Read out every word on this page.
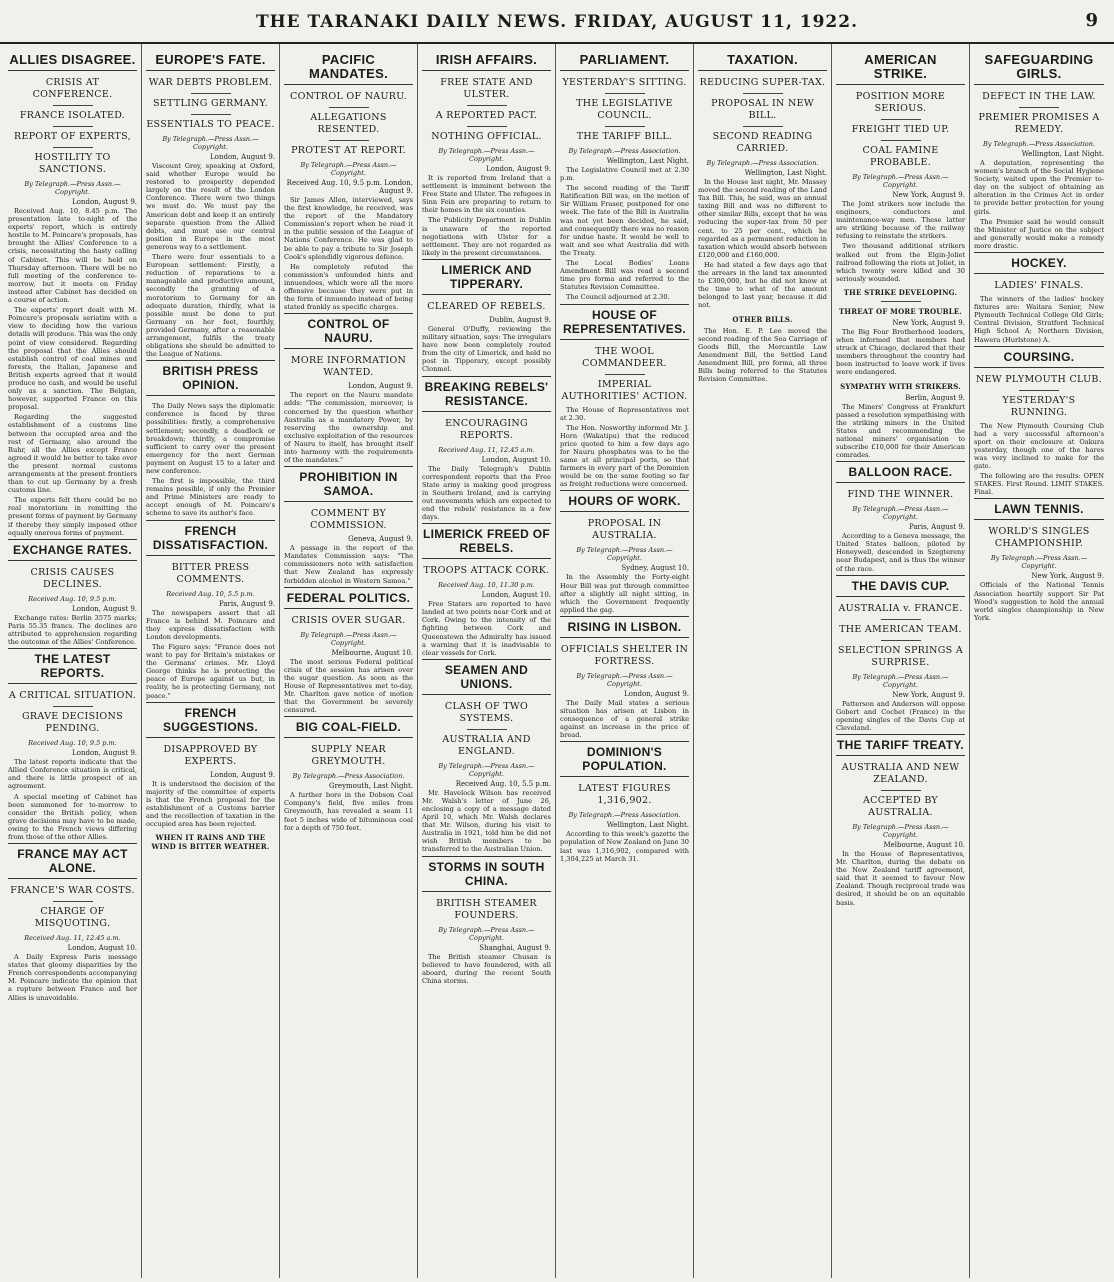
THE TARANAKI DAILY NEWS. FRIDAY, AUGUST 11, 1922.	9
ALLIES DISAGREE.
CRISIS AT CONFERENCE.
FRANCE ISOLATED.
REPORT OF EXPERTS,
HOSTILITY TO SANCTIONS.
By Telegraph.—Press Assn.—Copyright.
London, August 9.

Received Aug. 10, 8.45 p.m. The presentation late to-night of the experts' report, which is entirely hostile to M. Poincare's proposals, has brought the Allies' Conference to a crisis, necessitating the hasty calling of Cabinet. This will be held on Thursday afternoon. There will be no full meeting of the conference to-morrow, but it meets on Friday instead after Cabinet has decided on a course of action.

The experts' report dealt with M. Poincare's proposals seriatim with a view to deciding how the various details will produce. This was the only point of view considered. Regarding the proposal that the Allies should establish control of coal mines and forests, the Italian, Japanese and British experts agreed that it would produce no cash, and would be useful only as a sanction. The Belgian, however, supported France on this proposal.

Regarding the suggested establishment of a customs line between the occupied area and the rest of Germany, also around the Ruhr, all the Allies except France agreed it would be better to take over the present normal customs arrangements at the present frontiers than to cut up Germany by a fresh customs line.

The experts felt there could be no real moratorium in remitting the present forms of payment by Germany if thereby they simply imposed other equally onerous forms of payment.

EXCHANGE RATES.
CRISIS CAUSES DECLINES.
Received Aug. 10, 9.5 p.m.
London, August 9.

Exchange rates: Berlin 3575 marks; Paris 55.35 francs. The declines are attributed to apprehension regarding the outcome of the Allies' Conference.

THE LATEST REPORTS.
A CRITICAL SITUATION.
GRAVE DECISIONS PENDING.
Received Aug. 10, 9.5 p.m.
London, August 9.

The latest reports indicate that the Allied Conference situation is critical, and there is little prospect of an agreement.

A special meeting of Cabinet has been summoned for to-morrow to consider the British policy, when grave decisions may have to be made, owing to the French views differing from those of the other Allies.

FRANCE MAY ACT ALONE.
FRANCE'S WAR COSTS.
CHARGE OF MISQUOTING.
Received Aug. 11, 12.45 a.m.
London, August 10.

A Daily Express Paris message states that gloomy disparities by the French correspondents accompanying M. Poincare indicate the opinion that a rupture between France and her Allies is unavoidable.

EUROPE'S FATE.
WAR DEBTS PROBLEM.
SETTLING GERMANY.
ESSENTIALS TO PEACE.
By Telegraph.—Press Assn.—Copyright.
London, August 9.

Viscount Grey, speaking at Oxford, said whether Europe would be restored to prosperity depended largely on the result of the London Conference. There were two things we must do. We must pay the American debt and keep it an entirely separate question from the Allied debts, and must use our central position in Europe in the most generous way to a settlement.

There were four essentials to a European settlement: Firstly, a reduction of reparations to a manageable and productive amount, secondly the granting of a moratorium to Germany for an adequate duration, thirdly, what is possible must be done to put Germany on her feet, fourthly, provided Germany, after a reasonable arrangement, fulfils the treaty obligations she should be admitted to the League of Nations.

BRITISH PRESS OPINION.

The Daily News says the diplomatic conference is faced by three possibilities: firstly, a comprehensive settlement; secondly, a deadlock or breakdown; thirdly, a compromise sufficient to carry over the present emergency for the next German payment on August 15 to a later and new conference.

The first is impossible, the third remains possible, if only the Premier and Prime Ministers are ready to accept enough of M. Poincare's scheme to save its author's face.

FRENCH DISSATISFACTION.
BITTER PRESS COMMENTS.
Received Aug. 10, 5.5 p.m.
Paris, August 9.

The newspapers assert that all France is behind M. Poincare and they express dissatisfaction with London developments.

The Figaro says: "France does not want to pay for Britain's mistakes or the Germans' crimes. Mr. Lloyd George thinks he is protecting the peace of Europe against us but, in reality, he is protecting Germany, not peace."

FRENCH SUGGESTIONS.
DISAPPROVED BY EXPERTS.
London, August 9.

It is understood the decision of the majority of the committee of experts is that the French proposal for the establishment of a Customs barrier and the recollection of taxation in the occupied area has been rejected.

WHEN IT RAINS AND THE WIND IS BITTER WEATHER.
PACIFIC MANDATES.
CONTROL OF NAURU.
ALLEGATIONS RESENTED.
PROTEST AT REPORT.
By Telegraph.—Press Assn.—Copyright.
Received Aug. 10, 9.5 p.m. London, August 9.

Sir James Allen, interviewed, says the first knowledge, he received, was the report of the Mandatory Commission's report when he read it in the public session of the League of Nations Conference. He was glad to be able to pay a tribute to Sir Joseph Cook's splendidly vigorous defence.

He completely refuted the commission's unfounded hints and innuendoes, which were all the more offensive because they were put in the form of innuendo instead of being stated frankly as specific charges.

CONTROL OF NAURU.
MORE INFORMATION WANTED.
London, August 9.

The report on the Nauru mandate adds: "The commission, moreover, is concerned by the question whether Australia as a mandatory Power, by reserving the ownership and exclusive exploitation of the resources of Nauru to itself, has brought itself into harmony with the requirements of the mandates."

PROHIBITION IN SAMOA.
COMMENT BY COMMISSION.
Geneva, August 9.

A passage in the report of the Mandates Commission says: "The commissioners note with satisfaction that New Zealand has expressly forbidden alcohol in Western Samoa."

FEDERAL POLITICS.
CRISIS OVER SUGAR.
By Telegraph.—Press Assn.—Copyright.
Melbourne, August 10.

The most serious Federal political crisis of the session has arisen over the sugar question. As soon as the House of Representatives met to-day, Mr. Charlton gave notice of motion that the Government be severely censured.

BIG COAL-FIELD.
SUPPLY NEAR GREYMOUTH.
By Telegraph.—Press Association.
Greymouth, Last Night.

A further bore in the Dobson Coal Company's field, five miles from Greymouth, has revealed a seam 11 feet 5 inches wide of bituminous coal for a depth of 750 feet.

IRISH AFFAIRS.
FREE STATE AND ULSTER.
A REPORTED PACT.
NOTHING OFFICIAL.
By Telegraph.—Press Assn.—Copyright.
London, August 9.

It is reported from Ireland that a settlement is imminent between the Free State and Ulster. The refugees in Sinn Fein are preparing to return to their homes in the six counties.

The Publicity Department in Dublin is unaware of the reported negotiations with Ulster for a settlement. They are not regarded as likely in the present circumstances.

LIMERICK AND TIPPERARY.
CLEARED OF REBELS.
Dublin, August 9.

General O'Duffy, reviewing the military situation, says: The irregulars have now been completely routed from the city of Limerick, and held no post in Tipperary, except possibly Clonmel.

BREAKING REBELS' RESISTANCE.
ENCOURAGING REPORTS.
Received Aug. 11, 12.45 a.m.
London, August 10.

The Daily Telegraph's Dublin correspondent reports that the Free State army is making good progress in Southern Ireland, and is carrying out movements which are expected to end the rebels' resistance in a few days.

LIMERICK FREED OF REBELS.
TROOPS ATTACK CORK.
Received Aug. 10, 11.30 p.m.
London, August 10.

Free Staters are reported to have landed at two points near Cork and at Cork. Owing to the intensity of the fighting between Cork and Queenstown the Admiralty has issued a warning that it is inadvisable to clear vessels for Cork.

SEAMEN AND UNIONS.
CLASH OF TWO SYSTEMS.
AUSTRALIA AND ENGLAND.
By Telegraph.—Press Assn.—Copyright.
Received Aug. 10, 5.5 p.m.

Mr. Havelock Wilson has received Mr. Walsh's letter of June 26, enclosing a copy of a message dated April 10, which Mr. Walsh declares that Mr. Wilson, during his visit to Australia in 1921, told him he did not wish British members to be transferred to the Australian Union.

STORMS IN SOUTH CHINA.
BRITISH STEAMER FOUNDERS.
By Telegraph.—Press Assn.—Copyright.
Shanghai, August 9.

The British steamer Chusan is believed to have foundered, with all aboard, during the recent South China storms.

PARLIAMENT.
YESTERDAY'S SITTING.
THE LEGISLATIVE COUNCIL.
THE TARIFF BILL.
By Telegraph.—Press Association.
Wellington, Last Night.

The Legislative Council met at 2.30 p.m.

The second reading of the Tariff Ratification Bill was, on the motion of Sir William Fraser, postponed for one week. The fate of the Bill in Australia was not yet been decided, he said, and consequently there was no reason for undue haste. It would be well to wait and see what Australia did with the Treaty.

The Local Bodies' Loans Amendment Bill was read a second time pro forma and referred to the Statutes Revision Committee.

The Council adjourned at 2.30.

HOUSE OF REPRESENTATIVES.
THE WOOL COMMANDEER.
IMPERIAL AUTHORITIES' ACTION.

The House of Representatives met at 2.30.

The Hon. Nosworthy informed Mr. J. Horn (Wakatipu) that the reduced price quoted to him a few days ago for Nauru phosphates was to be the same at all principal ports, so that farmers in every part of the Dominion would be on the same footing so far as freight reductions were concerned.

HOURS OF WORK.
PROPOSAL IN AUSTRALIA.
By Telegraph.—Press Assn.—Copyright.
Sydney, August 10.

In the Assembly the Forty-eight Hour Bill was put through committee after a slightly all night sitting, in which the Government frequently applied the gag.

RISING IN LISBON.
OFFICIALS SHELTER IN FORTRESS.
By Telegraph.—Press Assn.—Copyright.
London, August 9.

The Daily Mail states a serious situation has arisen at Lisbon in consequence of a general strike against an increase in the price of bread.

DOMINION'S POPULATION.
LATEST FIGURES 1,316,902.
By Telegraph.—Press Association.
Wellington, Last Night.

According to this week's gazette the population of New Zealand on June 30 last was 1,316,902, compared with 1,304,225 at March 31.

TAXATION.
REDUCING SUPER-TAX.
PROPOSAL IN NEW BILL.
SECOND READING CARRIED.
By Telegraph.—Press Association.
Wellington, Last Night.

In the House last night, Mr. Massey moved the second reading of the Land Tax Bill. This, he said, was an annual taxing Bill and was no different to other similar Bills, except that he was reducing the super-tax from 50 per cent. to 25 per cent., which he regarded as a permanent reduction in taxation which would absorb between £120,000 and £160,000.

He had stated a few days ago that the arrears in the land tax amounted to £300,000, but he did not know at the time to what of the amount belonged to last year, because it did not.

OTHER BILLS.

The Hon. E. P. Lee moved the second reading of the Sea Carriage of Goods Bill, the Mercantile Law Amendment Bill, the Settled Land Amendment Bill, pro forma, all three Bills being referred to the Statutes Revision Committee.

AMERICAN STRIKE.
POSITION MORE SERIOUS.
FREIGHT TIED UP.
COAL FAMINE PROBABLE.
By Telegraph.—Press Assn.—Copyright.
New York, August 9.

The Joint strikers now include the engineers, conductors and maintenance-way men. These latter are striking because of the railway refusing to reinstate the strikers.

Two thousand additional strikers walked out from the Elgin-Joliet railroad following the riots at Joliet, in which twenty were killed and 30 seriously wounded.

THE STRIKE DEVELOPING.
THREAT OF MORE TROUBLE.
New York, August 9.

The Big Four Brotherhood leaders, when informed that members had struck at Chicago, declared that their members throughout the country had been instructed to leave work if lives were endangered.

SYMPATHY WITH STRIKERS.
Berlin, August 9.

The Miners' Congress at Frankfurt passed a resolution sympathising with the striking miners in the United States and recommending the national miners' organisation to subscribe £10,000 for their American comrades.

BALLOON RACE.
FIND THE WINNER.
By Telegraph.—Press Assn.—Copyright.
Paris, August 9.

According to a Geneva message, the United States balloon, piloted by Honeywell, descended in Szegtereny near Budapest, and is thus the winner of the race.

THE DAVIS CUP.
AUSTRALIA v. FRANCE.
THE AMERICAN TEAM.
SELECTION SPRINGS A SURPRISE.
By Telegraph.—Press Assn.—Copyright.
New York, August 9.

Patterson and Anderson will oppose Gobert and Cochet (France) in the opening singles of the Davis Cup at Cleveland.

THE TARIFF TREATY.
AUSTRALIA AND NEW ZEALAND.
ACCEPTED BY AUSTRALIA.
By Telegraph.—Press Assn.—Copyright.
Melbourne, August 10.

In the House of Representatives, Mr. Charlton, during the debate on the New Zealand tariff agreement, said that it seemed to favour New Zealand. Though reciprocal trade was desired, it should be on an equitable basis.

SAFEGUARDING GIRLS.
DEFECT IN THE LAW.
PREMIER PROMISES A REMEDY.
By Telegraph.—Press Association.
Wellington, Last Night.

A deputation, representing the women's branch of the Social Hygiene Society, waited upon the Premier to-day on the subject of obtaining an alteration in the Crimes Act in order to provide better protection for young girls.

The Premier said he would consult the Minister of Justice on the subject and generally would make a remedy more drastic.

HOCKEY.
LADIES' FINALS.

The winners of the ladies' hockey fixtures are: Waitara Senior, New Plymouth Technical College Old Girls; Central Division, Stratford Technical High School A; Northern Division, Hawera (Hurlstone) A.

COURSING.
NEW PLYMOUTH CLUB.
YESTERDAY'S RUNNING.

The New Plymouth Coursing Club had a very successful afternoon's sport on their enclosure at Oakura yesterday, though one of the hares was very inclined to make for the gate.

The following are the results: OPEN STAKES. First Round. LIMIT STAKES. Final.

LAWN TENNIS.
WORLD'S SINGLES CHAMPIONSHIP.
By Telegraph.—Press Assn.—Copyright.
New York, August 9.

Officials of the National Tennis Association heartily support Sir Pat Wood's suggestion to hold the annual world singles championship in New York.
